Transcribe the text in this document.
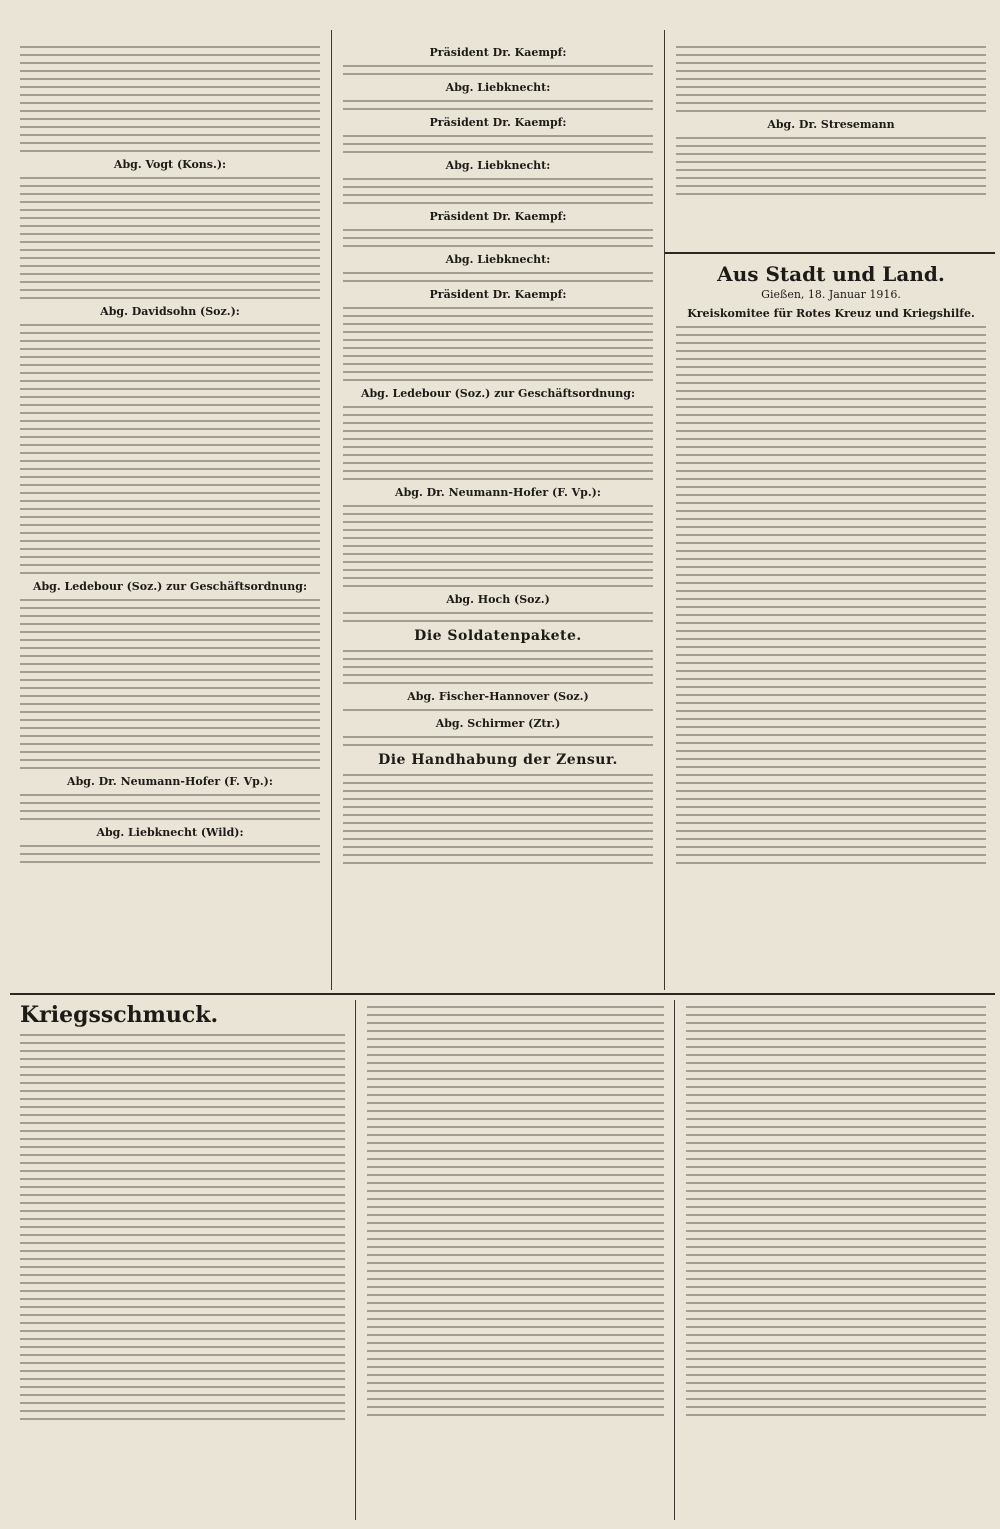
Abg. Vogt (Kons.):
Abg. Davidsohn (Soz.):
Abg. Ledebour (Soz.) zur Geschäftsordnung:
Abg. Dr. Neumann-Hofer (F. Vp.):
Abg. Liebknecht (Wild):
Präsident Dr. Kaempf:
Abg. Liebknecht:
Präsident Dr. Kaempf:
Abg. Liebknecht:
Präsident Dr. Kaempf:
Abg. Liebknecht:
Präsident Dr. Kaempf:
Abg. Ledebour (Soz.) zur Geschäftsordnung:
Abg. Dr. Neumann-Hofer (F. Vp.):
Abg. Hoch (Soz.)
Die Soldatenpakete.
Abg. Fischer-Hannover (Soz.)
Abg. Schirmer (Ztr.)
Die Handhabung der Zensur.
Abg. Dr. Stresemann
Aus Stadt und Land.
Gießen, 18. Januar 1916.
Kreiskomitee für Rotes Kreuz und Kriegshilfe.
Kriegsschmuck.
